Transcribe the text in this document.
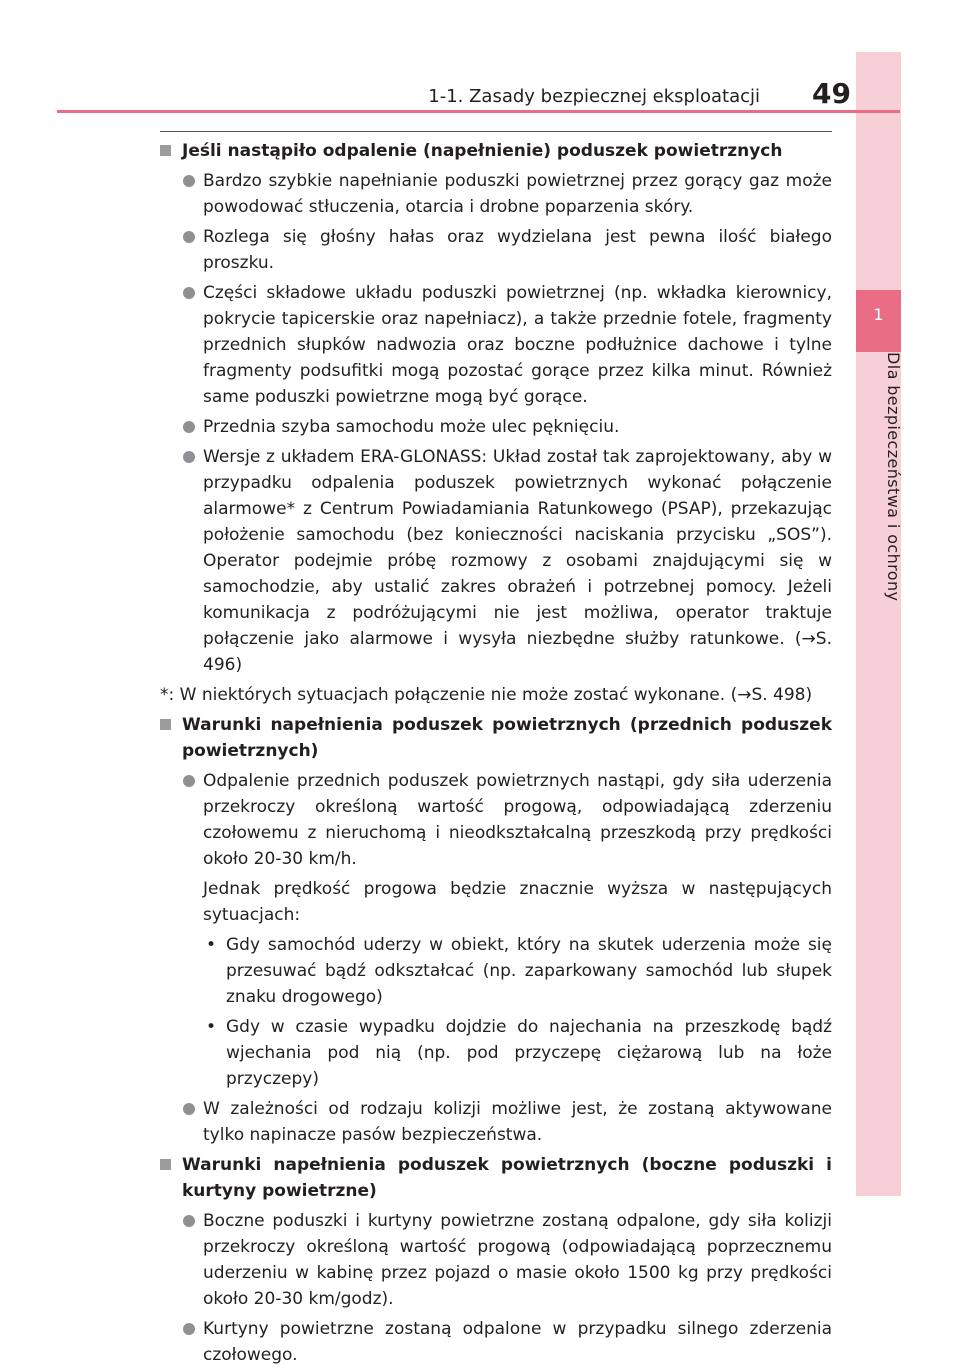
1
Dla bezpieczeństwa i ochrony
1-1. Zasady bezpiecznej eksploatacji 49
Jeśli nastąpiło odpalenie (napełnienie) poduszek powietrznych
Bardzo szybkie napełnianie poduszki powietrznej przez gorący gaz może powodować stłuczenia, otarcia i drobne poparzenia skóry.
Rozlega się głośny hałas oraz wydzielana jest pewna ilość białego proszku.
Części składowe układu poduszki powietrznej (np. wkładka kierownicy, pokrycie tapicerskie oraz napełniacz), a także przednie fotele, fragmenty przednich słupków nadwozia oraz boczne podłużnice dachowe i tylne fragmenty podsufitki mogą pozostać gorące przez kilka minut. Również same poduszki powietrzne mogą być gorące.
Przednia szyba samochodu może ulec pęknięciu.
Wersje z układem ERA-GLONASS: Układ został tak zaprojektowany, aby w przypadku odpalenia poduszek powietrznych wykonać połączenie alarmowe* z Centrum Powiadamiania Ratunkowego (PSAP), przekazując położenie samochodu (bez konieczności naciskania przycisku „SOS”). Operator podejmie próbę rozmowy z osobami znajdującymi się w samochodzie, aby ustalić zakres obrażeń i potrzebnej pomocy. Jeżeli komunikacja z podróżującymi nie jest możliwa, operator traktuje połączenie jako alarmowe i wysyła niezbędne służby ratunkowe. (→S. 496)
*: W niektórych sytuacjach połączenie nie może zostać wykonane. (→S. 498)
Warunki napełnienia poduszek powietrznych (przednich poduszek powietrznych)
Odpalenie przednich poduszek powietrznych nastąpi, gdy siła uderzenia przekroczy określoną wartość progową, odpowiadającą zderzeniu czołowemu z nieruchomą i nieodkształcalną przeszkodą przy prędkości około 20-30 km/h.
Jednak prędkość progowa będzie znacznie wyższa w następujących sytuacjach:
• Gdy samochód uderzy w obiekt, który na skutek uderzenia może się przesuwać bądź odkształcać (np. zaparkowany samochód lub słupek znaku drogowego)
• Gdy w czasie wypadku dojdzie do najechania na przeszkodę bądź wjechania pod nią (np. pod przyczepę ciężarową lub na łoże przyczepy)
W zależności od rodzaju kolizji możliwe jest, że zostaną aktywowane tylko napinacze pasów bezpieczeństwa.
Warunki napełnienia poduszek powietrznych (boczne poduszki i kurtyny powietrzne)
Boczne poduszki i kurtyny powietrzne zostaną odpalone, gdy siła kolizji przekroczy określoną wartość progową (odpowiadającą poprzecznemu uderzeniu w kabinę przez pojazd o masie około 1500 kg przy prędkości około 20-30 km/godz).
Kurtyny powietrzne zostaną odpalone w przypadku silnego zderzenia czołowego.
